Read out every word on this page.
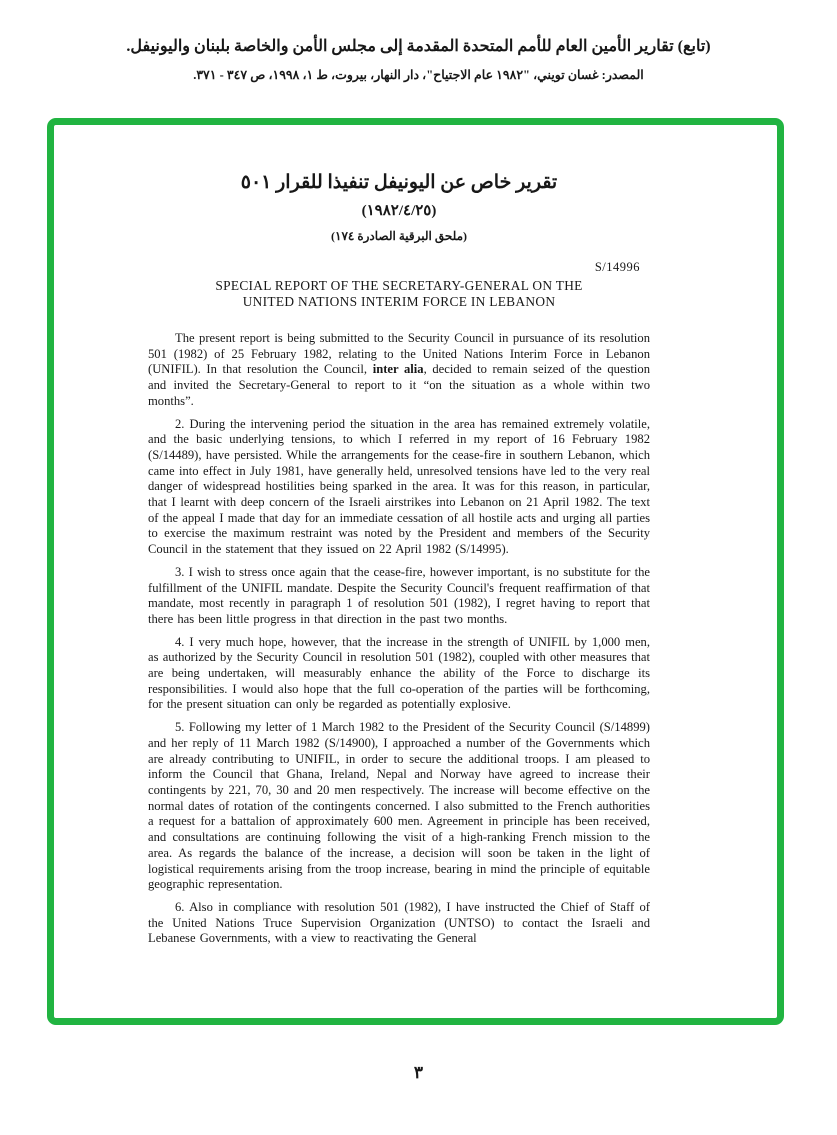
(تابع) تقارير الأمين العام للأمم المتحدة المقدمة إلى مجلس الأمن والخاصة بلبنان واليونيفل.
المصدر: غسان تويني، "١٩٨٢ عام الاجتياح"، دار النهار، بيروت، ط ١، ١٩٩٨، ص ٣٤٧ - ٣٧١.
تقرير خاص عن اليونيفل تنفيذا للقرار ٥٠١
(١٩٨٢/٤/٢٥)
(ملحق البرقية الصادرة ١٧٤)
S/14996
SPECIAL REPORT OF THE SECRETARY-GENERAL ON THE
UNITED NATIONS INTERIM FORCE IN LEBANON

The present report is being submitted to the Security Council in pursuance of its resolution 501 (1982) of 25 February 1982, relating to the United Nations Interim Force in Lebanon (UNIFIL). In that resolution the Council, inter alia, decided to remain seized of the question and invited the Secretary-General to report to it “on the situation as a whole within two months”.

2. During the intervening period the situation in the area has remained extremely volatile, and the basic underlying tensions, to which I referred in my report of 16 February 1982 (S/14489), have persisted. While the arrangements for the cease-fire in southern Lebanon, which came into effect in July 1981, have generally held, unresolved tensions have led to the very real danger of widespread hostilities being sparked in the area. It was for this reason, in particular, that I learnt with deep concern of the Israeli airstrikes into Lebanon on 21 April 1982. The text of the appeal I made that day for an immediate cessation of all hostile acts and urging all parties to exercise the maximum restraint was noted by the President and members of the Security Council in the statement that they issued on 22 April 1982 (S/14995).

3. I wish to stress once again that the cease-fire, however important, is no substitute for the fulfillment of the UNIFIL mandate. Despite the Security Council's frequent reaffirmation of that mandate, most recently in paragraph 1 of resolution 501 (1982), I regret having to report that there has been little progress in that direction in the past two months.

4. I very much hope, however, that the increase in the strength of UNIFIL by 1,000 men, as authorized by the Security Council in resolution 501 (1982), coupled with other measures that are being undertaken, will measurably enhance the ability of the Force to discharge its responsibilities. I would also hope that the full co-operation of the parties will be forthcoming, for the present situation can only be regarded as potentially explosive.

5. Following my letter of 1 March 1982 to the President of the Security Council (S/14899) and her reply of 11 March 1982 (S/14900), I approached a number of the Governments which are already contributing to UNIFIL, in order to secure the additional troops. I am pleased to inform the Council that Ghana, Ireland, Nepal and Norway have agreed to increase their contingents by 221, 70, 30 and 20 men respectively. The increase will become effective on the normal dates of rotation of the contingents concerned. I also submitted to the French authorities a request for a battalion of approximately 600 men. Agreement in principle has been received, and consultations are continuing following the visit of a high-ranking French mission to the area. As regards the balance of the increase, a decision will soon be taken in the light of logistical requirements arising from the troop increase, bearing in mind the principle of equitable geographic representation.

6. Also in compliance with resolution 501 (1982), I have instructed the Chief of Staff of the United Nations Truce Supervision Organization (UNTSO) to contact the Israeli and Lebanese Governments, with a view to reactivating the General

٣
